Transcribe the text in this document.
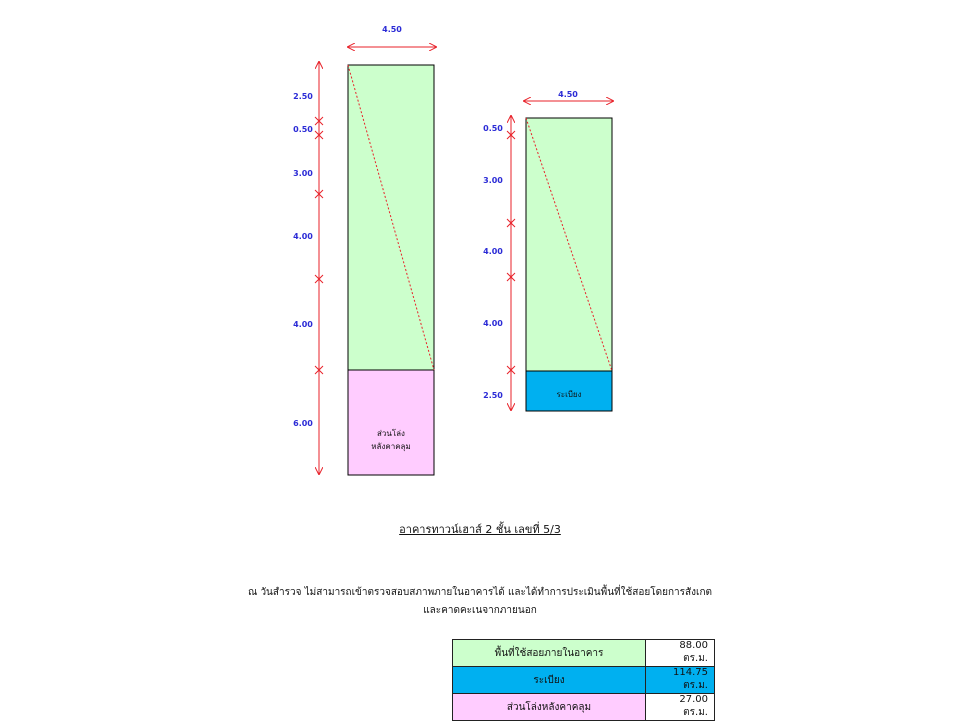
ส่วนโล่ง
หลังคาคลุม
4.50
2.50
0.50
3.00
4.00
4.00
6.00
ระเบียง
4.50
0.50
3.00
4.00
4.00
2.50
อาคารทาวน์เฮาส์ 2 ชั้น เลขที่ 5/3
ณ วันสำรวจ ไม่สามารถเข้าตรวจสอบสภาพภายในอาคารได้ และได้ทำการประเมินพื้นที่ใช้สอยโดยการสังเกต
และคาดคะเนจากภายนอก
พื้นที่ใช้สอยภายในอาคาร	88.00 ตร.ม.
ระเบียง	114.75 ตร.ม.
ส่วนโล่งหลังคาคลุม	27.00 ตร.ม.
